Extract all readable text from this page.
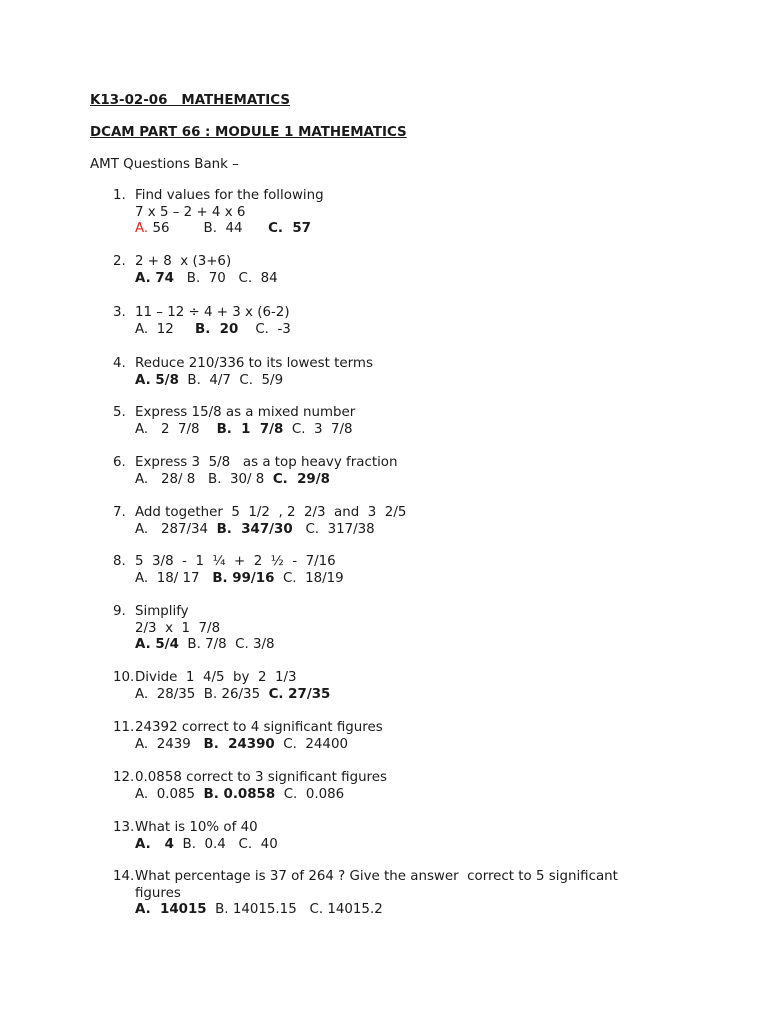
K13-02-06   MATHEMATICS
DCAM PART 66 : MODULE 1 MATHEMATICS
AMT Questions Bank –
1. Find values for the following
7 x 5 – 2 + 4 x 6
A. 56        B.  44      C.  57
2. 2 + 8  x (3+6)
A. 74   B.  70   C.  84
3. 11 – 12 ÷ 4 + 3 x (6-2)
A.  12     B.  20    C.  -3
4. Reduce 210/336 to its lowest terms
A. 5/8  B.  4/7  C.  5/9
5. Express 15/8 as a mixed number
A.   2  7/8    B.  1  7/8  C.  3  7/8
6. Express 3  5/8   as a top heavy fraction
A.   28/ 8   B.  30/ 8  C.  29/8
7. Add together  5  1/2  , 2  2/3  and  3  2/5
A.   287/34  B.  347/30   C.  317/38
8. 5  3/8  -  1  ¼  +  2  ½  -  7/16
A.  18/ 17   B. 99/16  C.  18/19
9. Simplify
2/3  x  1  7/8
A. 5/4  B. 7/8  C. 3/8
10. Divide  1  4/5  by  2  1/3
A.  28/35  B. 26/35  C. 27/35
11. 24392 correct to 4 significant figures
A.  2439   B.  24390  C.  24400
12. 0.0858 correct to 3 significant figures
A.  0.085  B. 0.0858  C.  0.086
13. What is 10% of 40
A.   4  B.  0.4   C.  40
14. What percentage is 37 of 264 ? Give the answer  correct to 5 significant
figures
A.  14015  B. 14015.15   C. 14015.2
